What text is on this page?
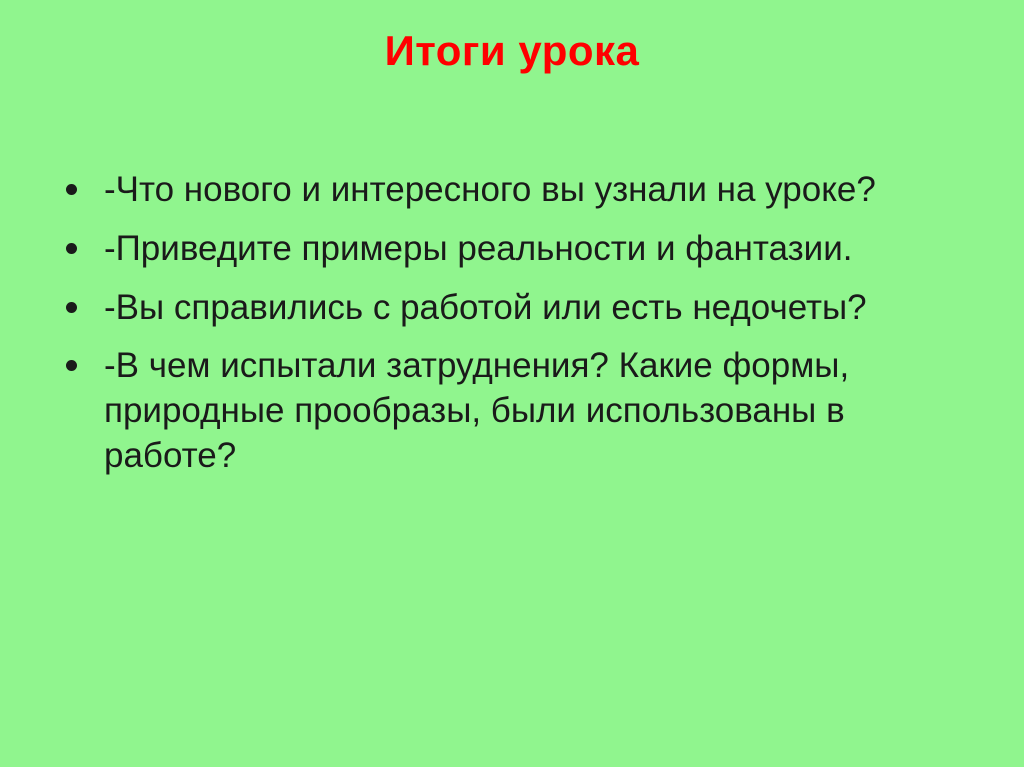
Итоги урока
-Что нового и интересного вы узнали на уроке?
-Приведите примеры реальности и фантазии.
-Вы справились с работой или есть недочеты?
-В чем испытали затруднения? Какие формы, природные прообразы, были использованы в работе?
